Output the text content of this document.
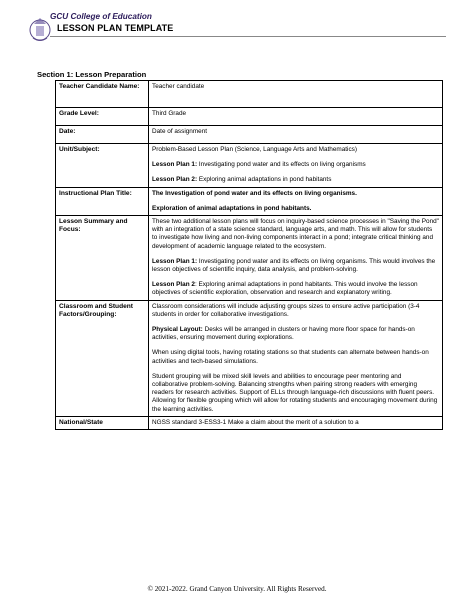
GCU College of Education
LESSON PLAN TEMPLATE
Section 1: Lesson Preparation
Teacher Candidate Name:	Teacher candidate
Grade Level:	Third Grade
Date:	Date of assignment
Unit/Subject:	Problem-Based Lesson Plan (Science, Language Arts and Mathematics)

Lesson Plan 1: Investigating pond water and its effects on living organisms

Lesson Plan 2: Exploring animal adaptations in pond habitants

Instructional Plan Title:	The Investigation of pond water and its effects on living organisms.

Exploration of animal adaptations in pond habitants.

Lesson Summary and Focus:	These two additional lesson plans will focus on inquiry-based science processes in "Saving the Pond" with an integration of a state science standard, language arts, and math. This will allow for students to investigate how living and non-living components interact in a pond; integrate critical thinking and development of academic language related to the ecosystem.

Lesson Plan 1: Investigating pond water and its effects on living organisms. This would involves the lesson objectives of scientific inquiry, data analysis, and problem-solving.

Lesson Plan 2: Exploring animal adaptations in pond habitants. This would involve the lesson objectives of scientific exploration, observation and research and explanatory writing.

Classroom and Student Factors/Grouping:	Classroom considerations will include adjusting groups sizes to ensure active participation (3-4 students in order for collaborative investigations.

Physical Layout: Desks will be arranged in clusters or having more floor space for hands-on activities, ensuring movement during explorations.

When using digital tools, having rotating stations so that students can alternate between hands-on activities and tech-based simulations.

Student grouping will be mixed skill levels and abilities to encourage peer mentoring and collaborative problem-solving. Balancing strengths when pairing strong readers with emerging readers for research activities. Support of ELLs through language-rich discussions with fluent peers. Allowing for flexible grouping which will allow for rotating students and encouraging movement during the learning activities.

National/State	NGSS standard 3-ESS3-1 Make a claim about the merit of a solution to a
© 2021-2022. Grand Canyon University. All Rights Reserved.
